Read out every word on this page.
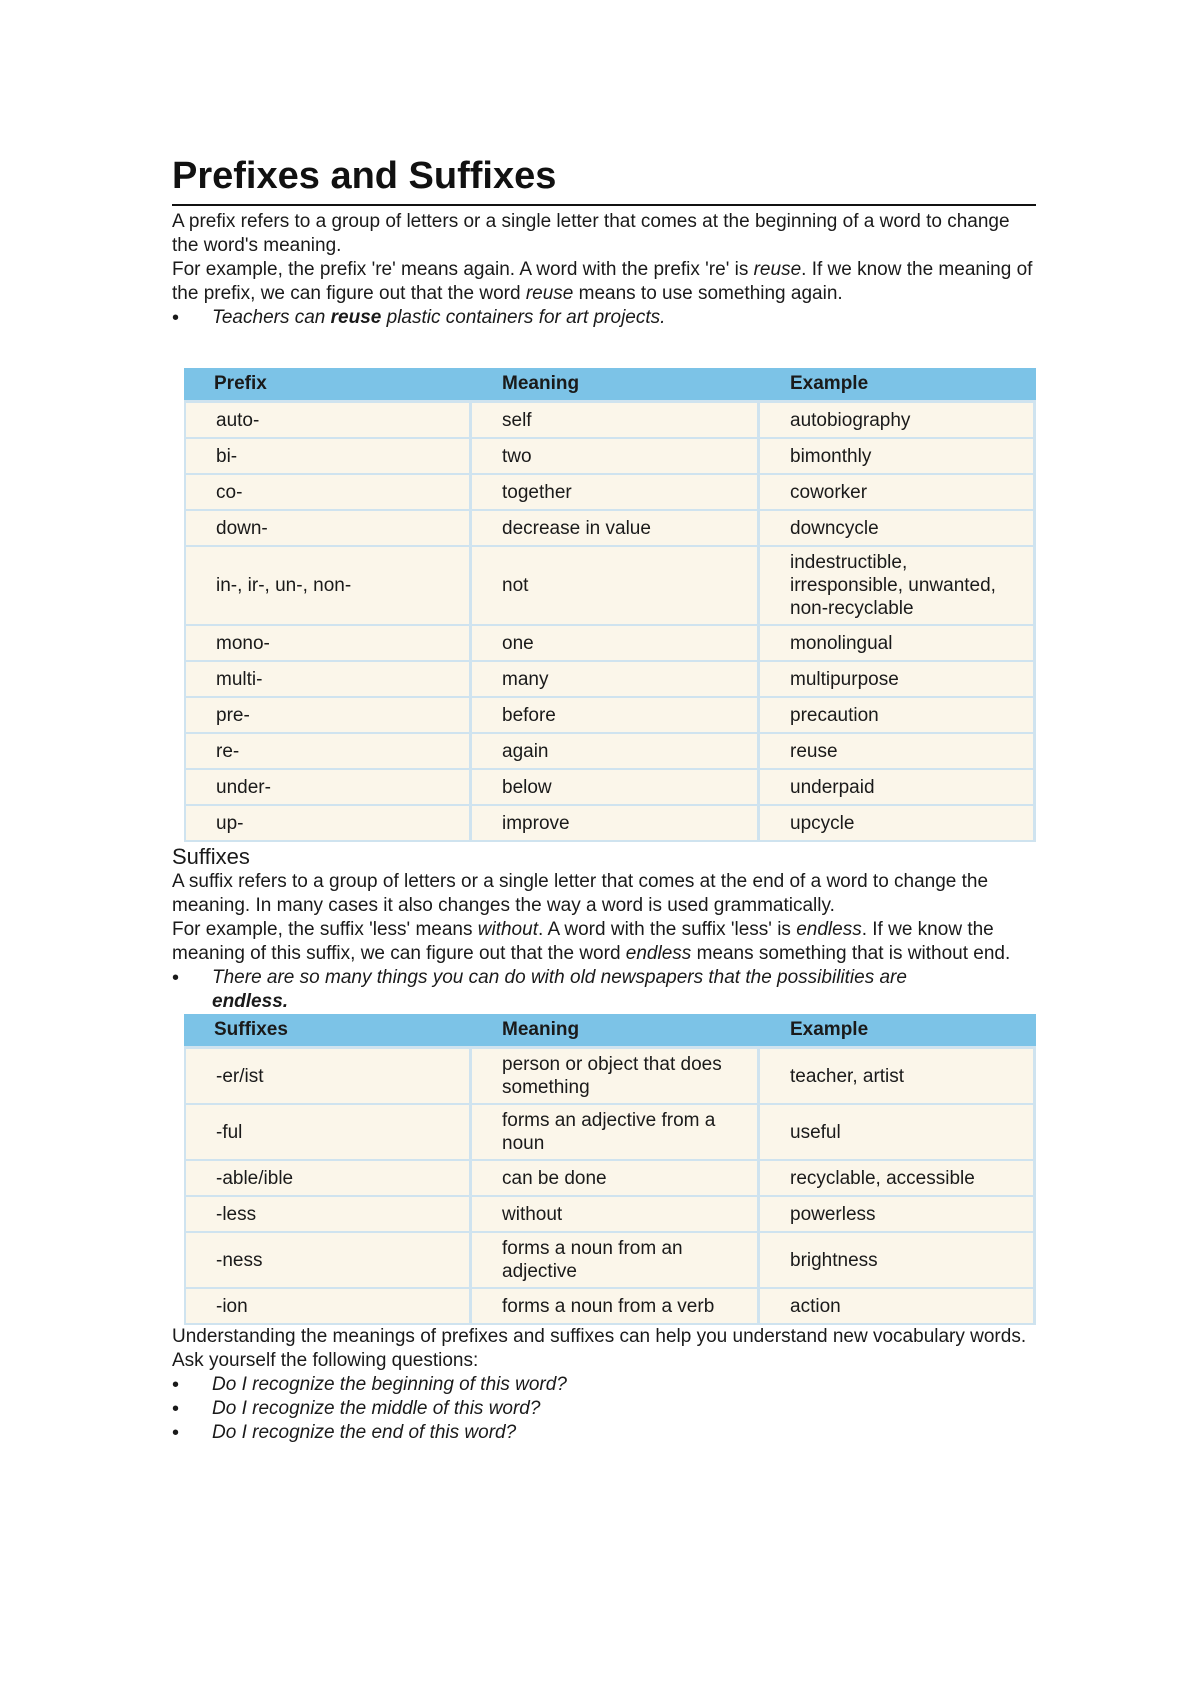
Prefixes and Suffixes

A prefix refers to a group of letters or a single letter that comes at the beginning of a word to change the word's meaning.

For example, the prefix 're' means again. A word with the prefix 're' is reuse. If we know the meaning of the prefix, we can figure out that the word reuse means to use something again.

• Teachers can reuse plastic containers for art projects.
Prefix	Meaning	Example
auto-	self	autobiography
bi-	two	bimonthly
co-	together	coworker
down-	decrease in value	downcycle
in-, ir-, un-, non-	not	indestructible, irresponsible, unwanted, non-recyclable
mono-	one	monolingual
multi-	many	multipurpose
pre-	before	precaution
re-	again	reuse
under-	below	underpaid
up-	improve	upcycle
Suffixes

A suffix refers to a group of letters or a single letter that comes at the end of a word to change the meaning. In many cases it also changes the way a word is used grammatically.

For example, the suffix 'less' means without. A word with the suffix 'less' is endless. If we know the meaning of this suffix, we can figure out that the word endless means something that is without end.

• There are so many things you can do with old newspapers that the possibilities are endless.
Suffixes	Meaning	Example
-er/ist	person or object that does something	teacher, artist
-ful	forms an adjective from a noun	useful
-able/ible	can be done	recyclable, accessible
-less	without	powerless
-ness	forms a noun from an adjective	brightness
-ion	forms a noun from a verb	action

Understanding the meanings of prefixes and suffixes can help you understand new vocabulary words.

Ask yourself the following questions:

• Do I recognize the beginning of this word?
• Do I recognize the middle of this word?
• Do I recognize the end of this word?
